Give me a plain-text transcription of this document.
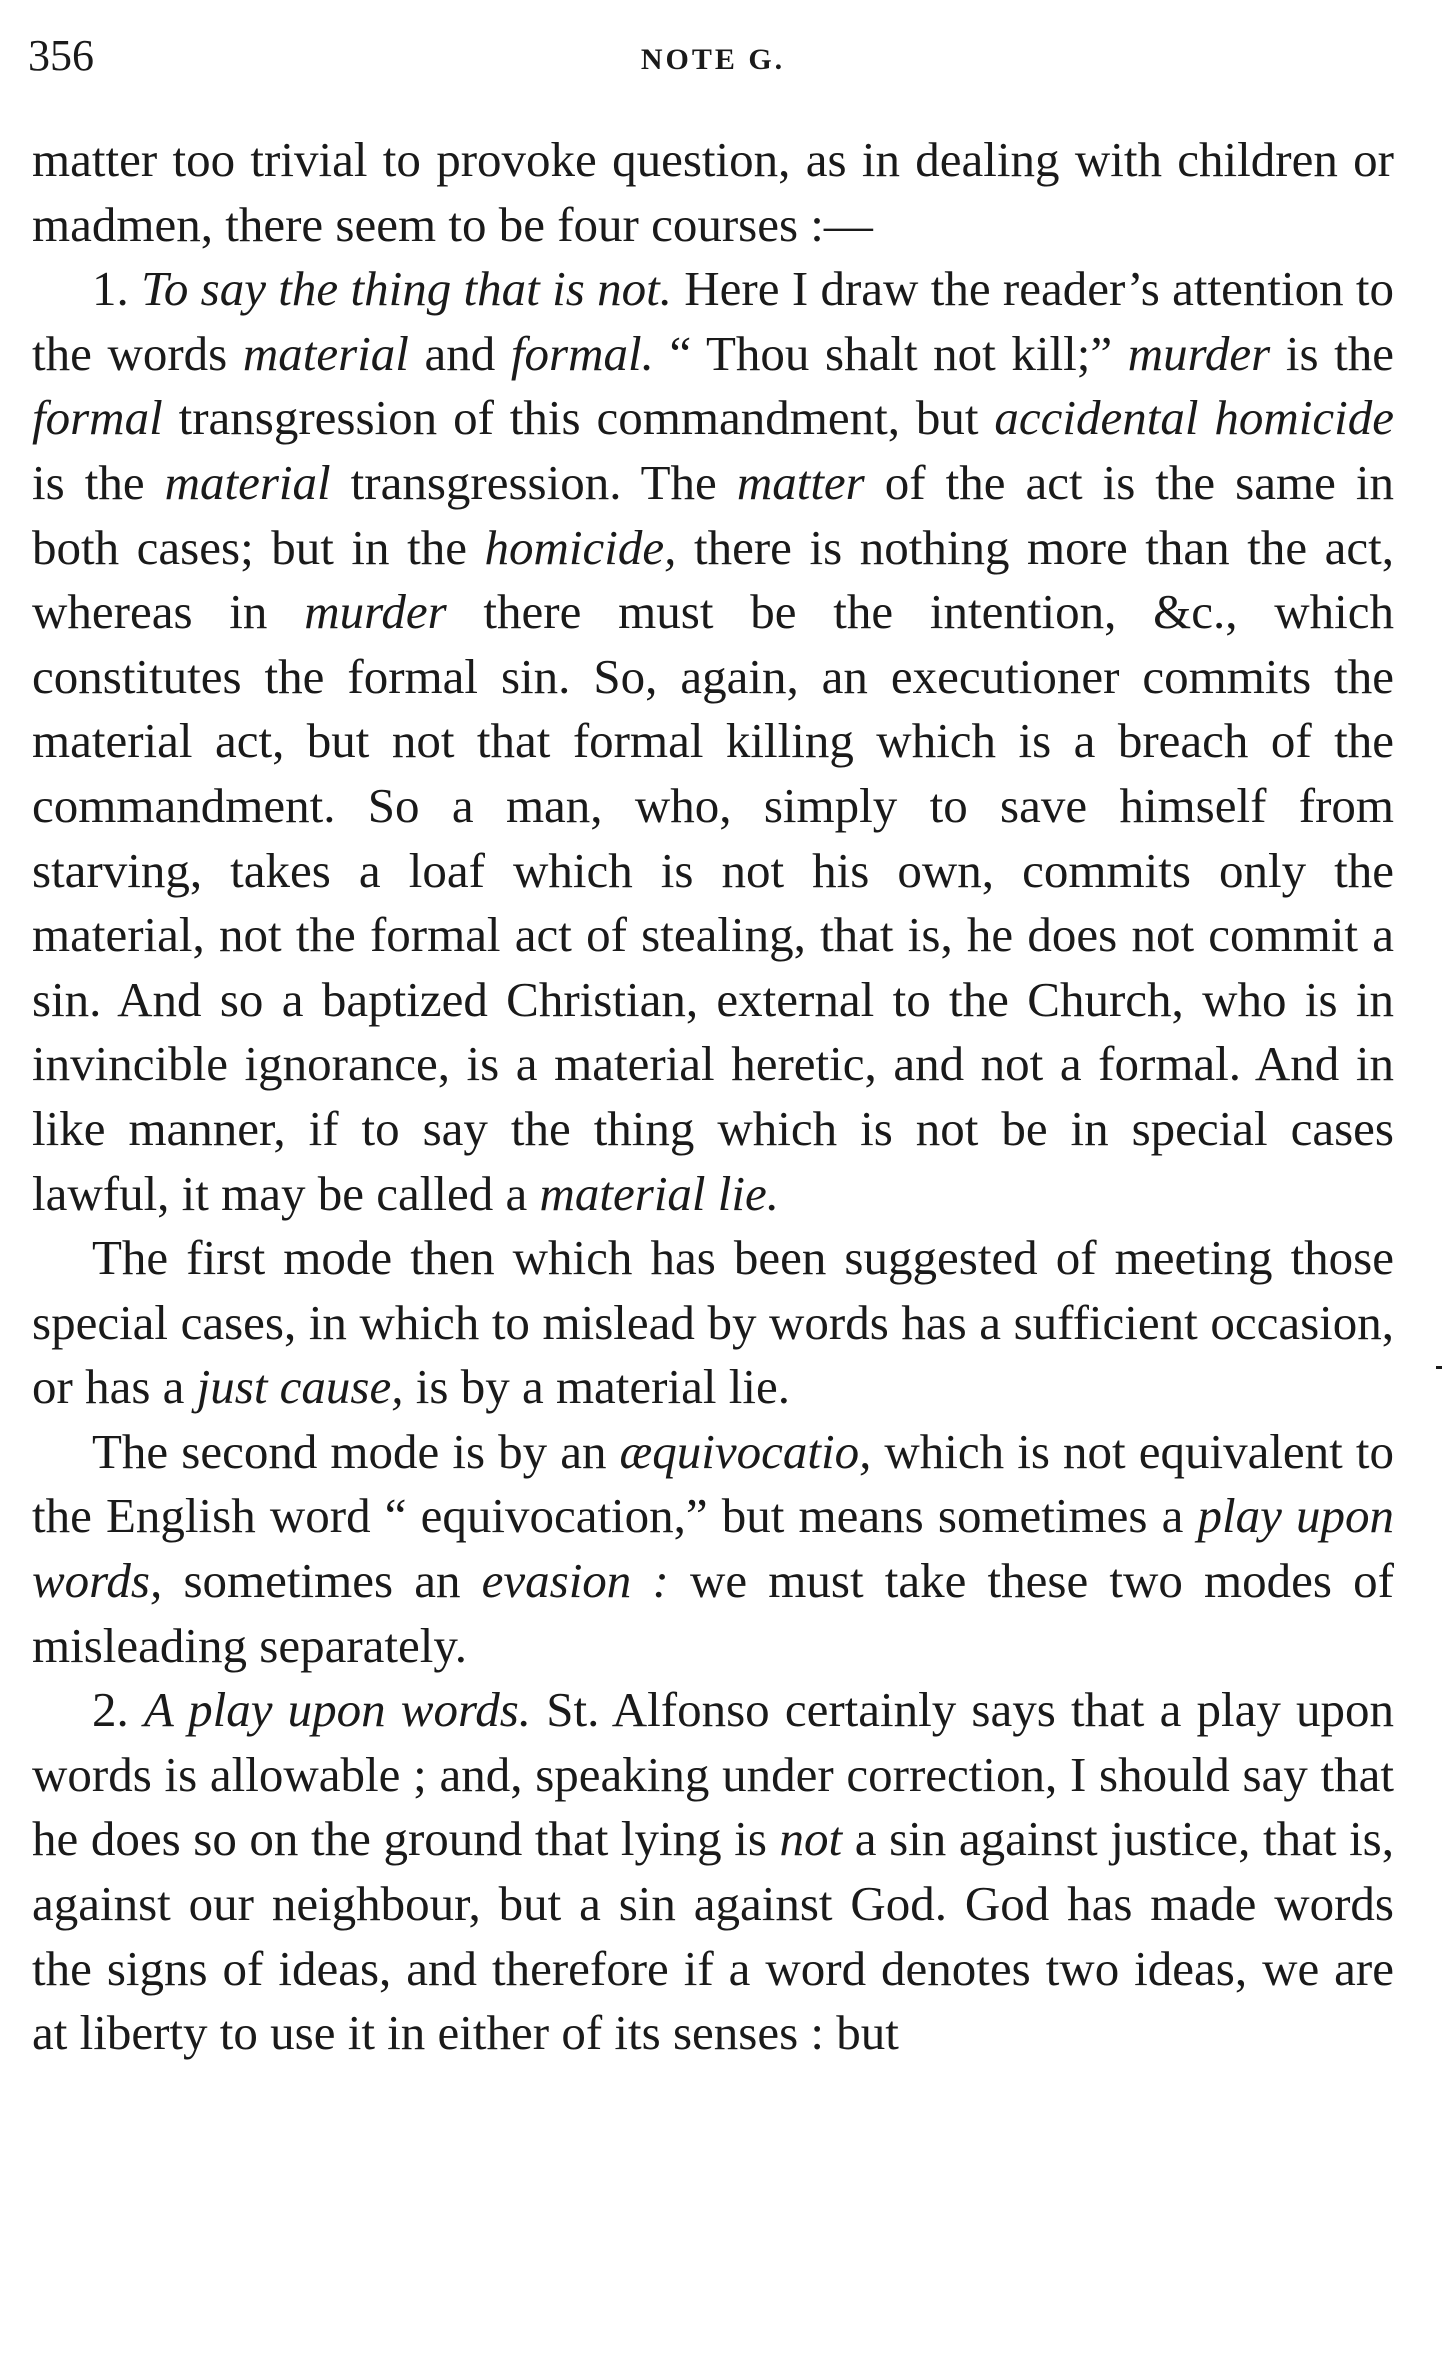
356	NOTE G.

matter too trivial to provoke question, as in dealing with children or madmen, there seem to be four courses :—

1. To say the thing that is not. Here I draw the reader’s attention to the words material and formal. “ Thou shalt not kill;” murder is the formal transgression of this commandment, but accidental homicide is the material transgression. The matter of the act is the same in both cases; but in the homicide, there is nothing more than the act, whereas in murder there must be the intention, &c., which constitutes the formal sin. So, again, an executioner commits the material act, but not that formal killing which is a breach of the commandment. So a man, who, simply to save himself from starving, takes a loaf which is not his own, commits only the material, not the formal act of stealing, that is, he does not commit a sin. And so a baptized Christian, external to the Church, who is in invincible ignorance, is a material heretic, and not a formal. And in like manner, if to say the thing which is not be in special cases lawful, it may be called a material lie.

The first mode then which has been suggested of meeting those special cases, in which to mislead by words has a sufficient occasion, or has a just cause, is by a material lie.

The second mode is by an æquivocatio, which is not equivalent to the English word “ equivocation,” but means sometimes a play upon words, sometimes an evasion : we must take these two modes of misleading separately.

2. A play upon words. St. Alfonso certainly says that a play upon words is allowable ; and, speaking under correction, I should say that he does so on the ground that lying is not a sin against justice, that is, against our neighbour, but a sin against God. God has made words the signs of ideas, and therefore if a word denotes two ideas, we are at liberty to use it in either of its senses : but
